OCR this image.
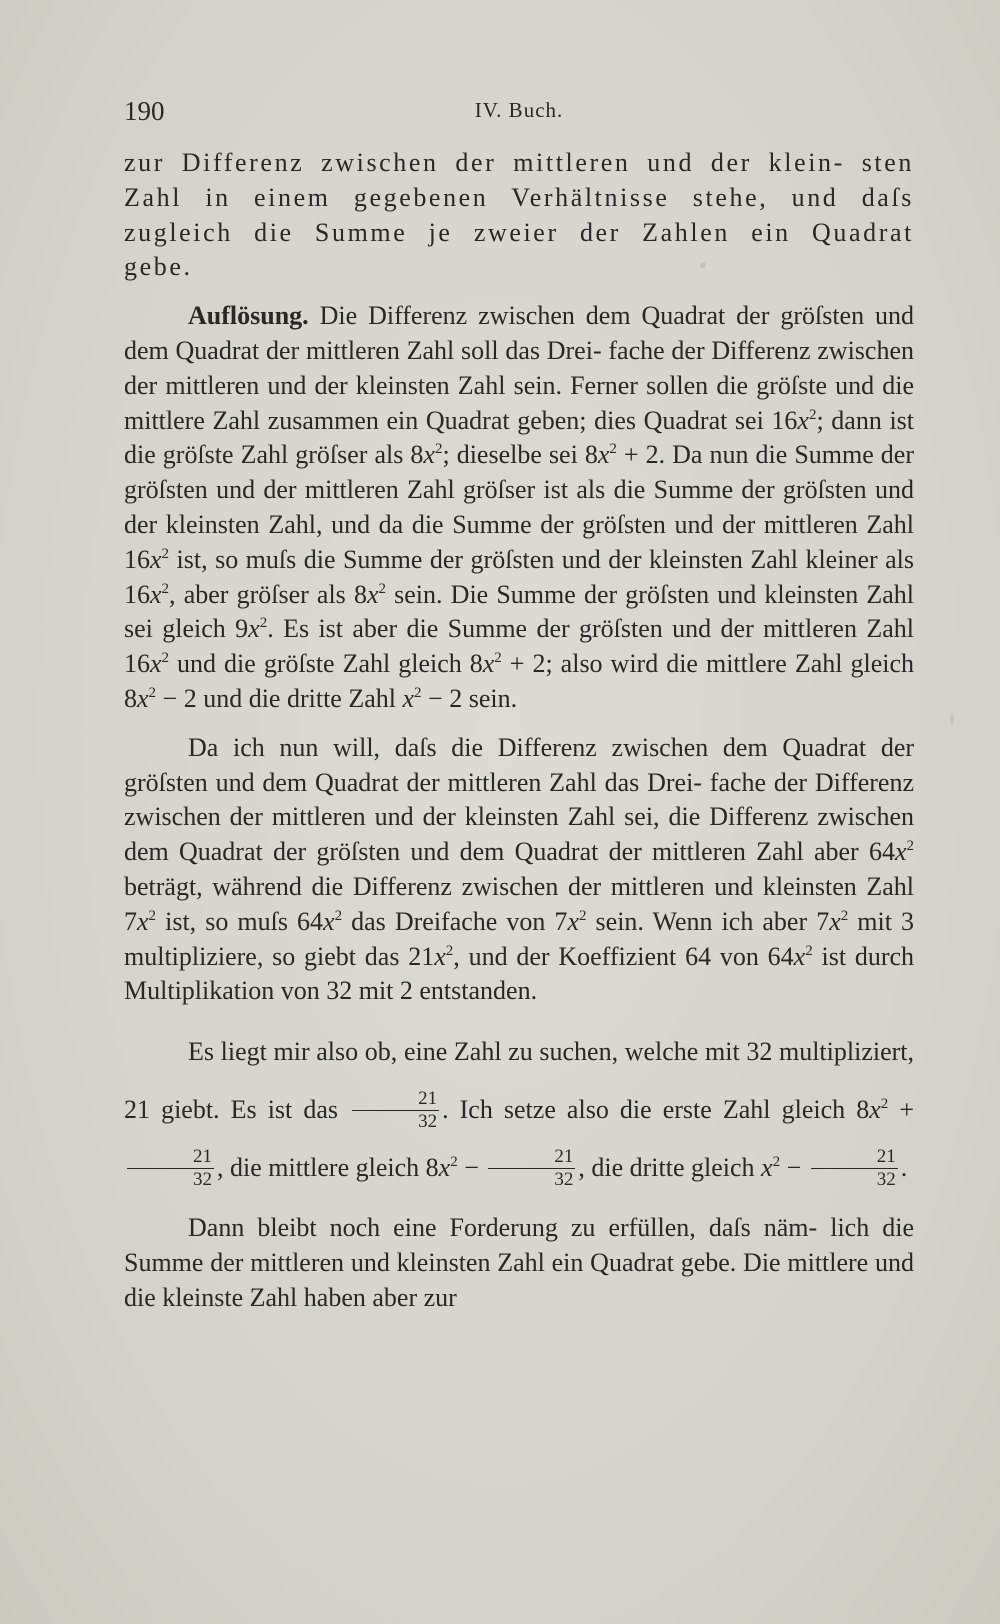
190	IV. Buch.

zur Differenz zwischen der mittleren und der klein- sten Zahl in einem gegebenen Verhältnisse stehe, und daſs zugleich die Summe je zweier der Zahlen ein Quadrat gebe.

Auflösung. Die Differenz zwischen dem Quadrat der gröſsten und dem Quadrat der mittleren Zahl soll das Drei- fache der Differenz zwischen der mittleren und der kleinsten Zahl sein. Ferner sollen die gröſste und die mittlere Zahl zusammen ein Quadrat geben; dies Quadrat sei $16x^2$; dann ist die gröſste Zahl gröſser als $8x^2$; dieselbe sei $8x^2 + 2$. Da nun die Summe der gröſsten und der mittleren Zahl gröſser ist als die Summe der gröſsten und der kleinsten Zahl, und da die Summe der gröſsten und der mittleren Zahl $16x^2$ ist, so muſs die Summe der gröſsten und der kleinsten Zahl kleiner als $16x^2$, aber gröſser als $8x^2$ sein. Die Summe der gröſsten und kleinsten Zahl sei gleich $9x^2$. Es ist aber die Summe der gröſsten und der mittleren Zahl $16x^2$ und die gröſste Zahl gleich $8x^2 + 2$; also wird die mittlere Zahl gleich $8x^2 - 2$ und die dritte Zahl $x^2 - 2$ sein.

Da ich nun will, daſs die Differenz zwischen dem Quadrat der gröſsten und dem Quadrat der mittleren Zahl das Drei- fache der Differenz zwischen der mittleren und der kleinsten Zahl sei, die Differenz zwischen dem Quadrat der gröſsten und dem Quadrat der mittleren Zahl aber $64x^2$ beträgt, während die Differenz zwischen der mittleren und kleinsten Zahl $7x^2$ ist, so muſs $64x^2$ das Dreifache von $7x^2$ sein. Wenn ich aber $7x^2$ mit 3 multipliziere, so giebt das $21x^2$, und der Koeffizient 64 von $64x^2$ ist durch Multiplikation von 32 mit 2 entstanden.

Es liegt mir also ob, eine Zahl zu suchen, welche mit 32 multipliziert, 21 giebt. Es ist das $\frac{21}{32}$ . Ich setze also die erste Zahl gleich $8x^2$ +
$\frac{21}{32}$ , die mittlere gleich $8x^2 - \frac{21}{32}$ , die dritte gleich $x^2 - \frac{21}{32}$ .

Dann bleibt noch eine Forderung zu erfüllen, daſs näm- lich die Summe der mittleren und kleinsten Zahl ein Quadrat gebe. Die mittlere und die kleinste Zahl haben aber zur
